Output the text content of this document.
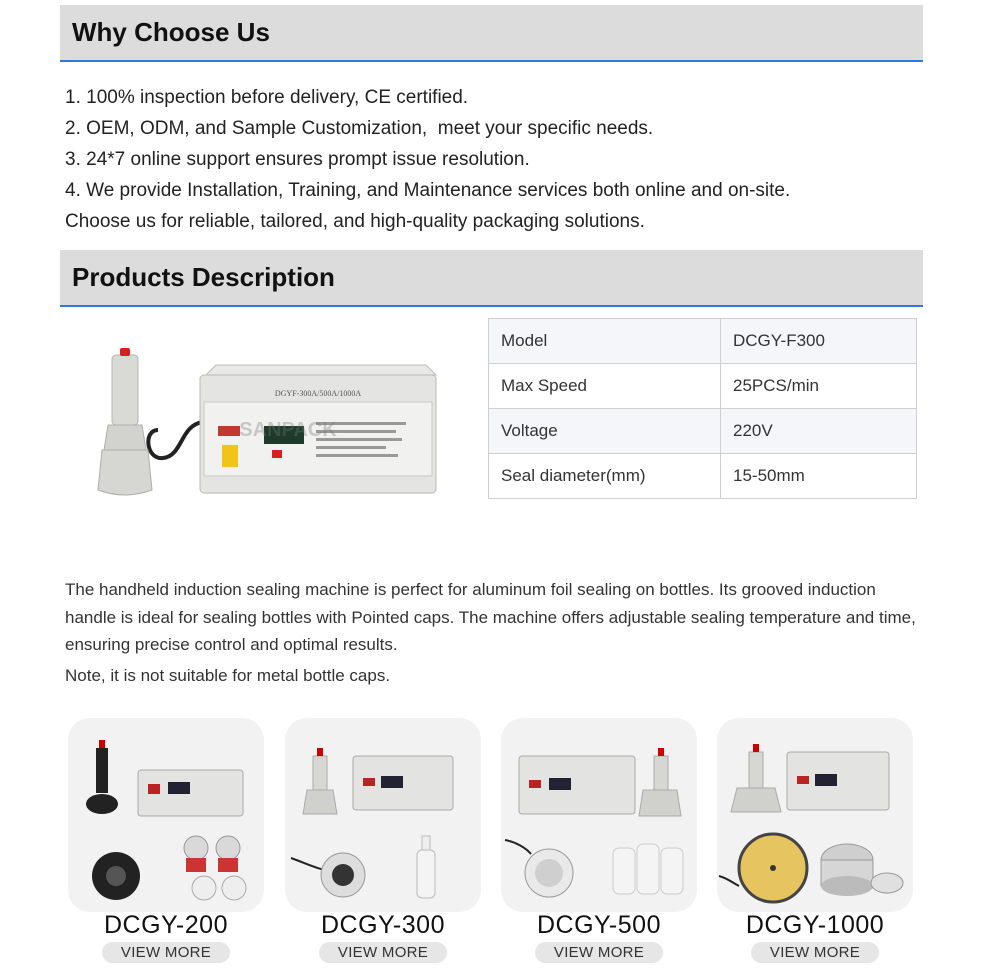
Why Choose Us

1. 100% inspection before delivery, CE certified.

2. OEM, ODM, and Sample Customization,  meet your specific needs.

3. 24*7 online support ensures prompt issue resolution.

4. We provide Installation, Training, and Maintenance services both online and on-site.

Choose us for reliable, tailored, and high-quality packaging solutions.

Products Description
DGYF-300A/500A/1000A
SANPACK
Model	DCGY-F300
Max Speed	25PCS/min
Voltage	220V
Seal diameter(mm)	15-50mm

The handheld induction sealing machine is perfect for aluminum foil sealing on bottles. Its grooved induction handle is ideal for sealing bottles with Pointed caps. The machine offers adjustable sealing temperature and time, ensuring precise control and optimal results.

Note, it is not suitable for metal bottle caps.

DCGY-200
VIEW MORE
DCGY-300
VIEW MORE
DCGY-500
VIEW MORE
DCGY-1000
VIEW MORE
